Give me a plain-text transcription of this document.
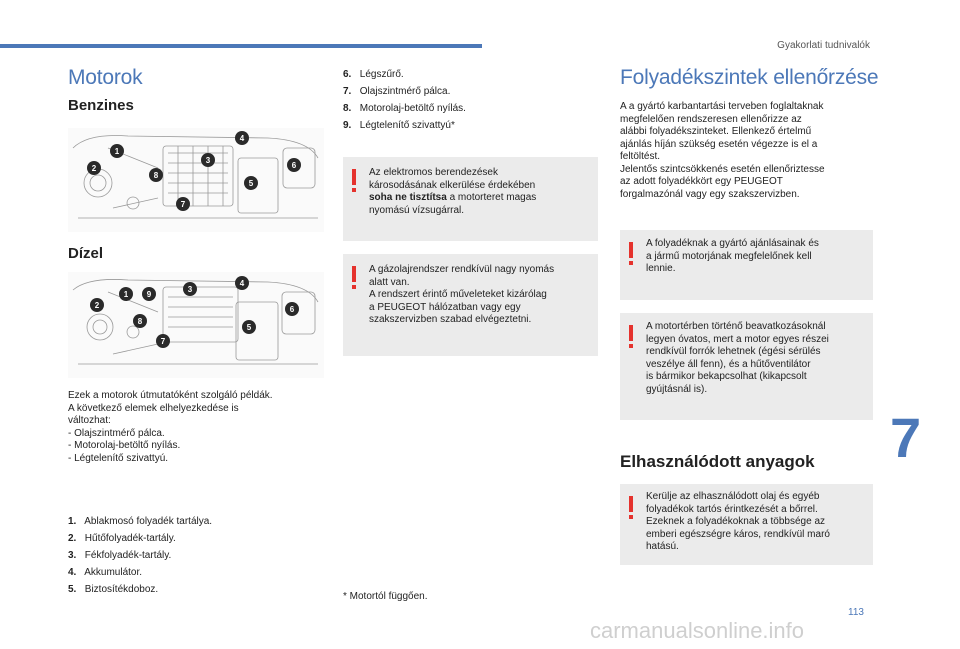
Gyakorlati tudnivalók
Motorok
Benzines
1
2
3
4
5
6
7
8
Dízel
1
2
3
4
5
6
7
8
9

Ezek a motorok útmutatóként szolgáló példák.

A következő elemek elhelyezkedése is

változhat:

- Olajszintmérő pálca.

- Motorolaj-betöltő nyílás.

- Légtelenítő szivattyú.

1. Ablakmosó folyadék tartálya.
2. Hűtőfolyadék-tartály.
3. Fékfolyadék-tartály.
4. Akkumulátor.
5. Biztosítékdoboz.
6. Légszűrő.
7. Olajszintmérő pálca.
8. Motorolaj-betöltő nyílás.
9. Légtelenítő szivattyú*

Az elektromos berendezések

károsodásának elkerülése érdekében

soha ne tisztítsa a motorteret magas

nyomású vízsugárral.

A gázolajrendszer rendkívül nagy nyomás

alatt van.

A rendszert érintő műveleteket kizárólag

a PEUGEOT hálózatban vagy egy

szakszervizben szabad elvégeztetni.

* Motortól függően.
Folyadékszintek ellenőrzése

A a gyártó karbantartási terveben foglaltaknak

megfelelően rendszeresen ellenőrizze az

alábbi folyadékszinteket. Ellenkező értelmű

ajánlás híján szükség esetén végezze is el a

feltöltést.

Jelentős szintcsökkenés esetén ellenőriztesse

az adott folyadékkört egy PEUGEOT

forgalmazónál vagy egy szakszervizben.

A folyadéknak a gyártó ajánlásainak és

a jármű motorjának megfelelőnek kell

lennie.

A motortérben történő beavatkozásoknál

legyen óvatos, mert a motor egyes részei

rendkívül forrók lehetnek (égési sérülés

veszélye áll fenn), és a hűtőventilátor

is bármikor bekapcsolhat (kikapcsolt

gyújtásnál is).

Elhasználódott anyagok

Kerülje az elhasználódott olaj és egyéb

folyadékok tartós érintkezését a bőrrel.

Ezeknek a folyadékoknak a többsége az

emberi egészségre káros, rendkívül maró

hatású.

7
113
carmanualsonline.info
